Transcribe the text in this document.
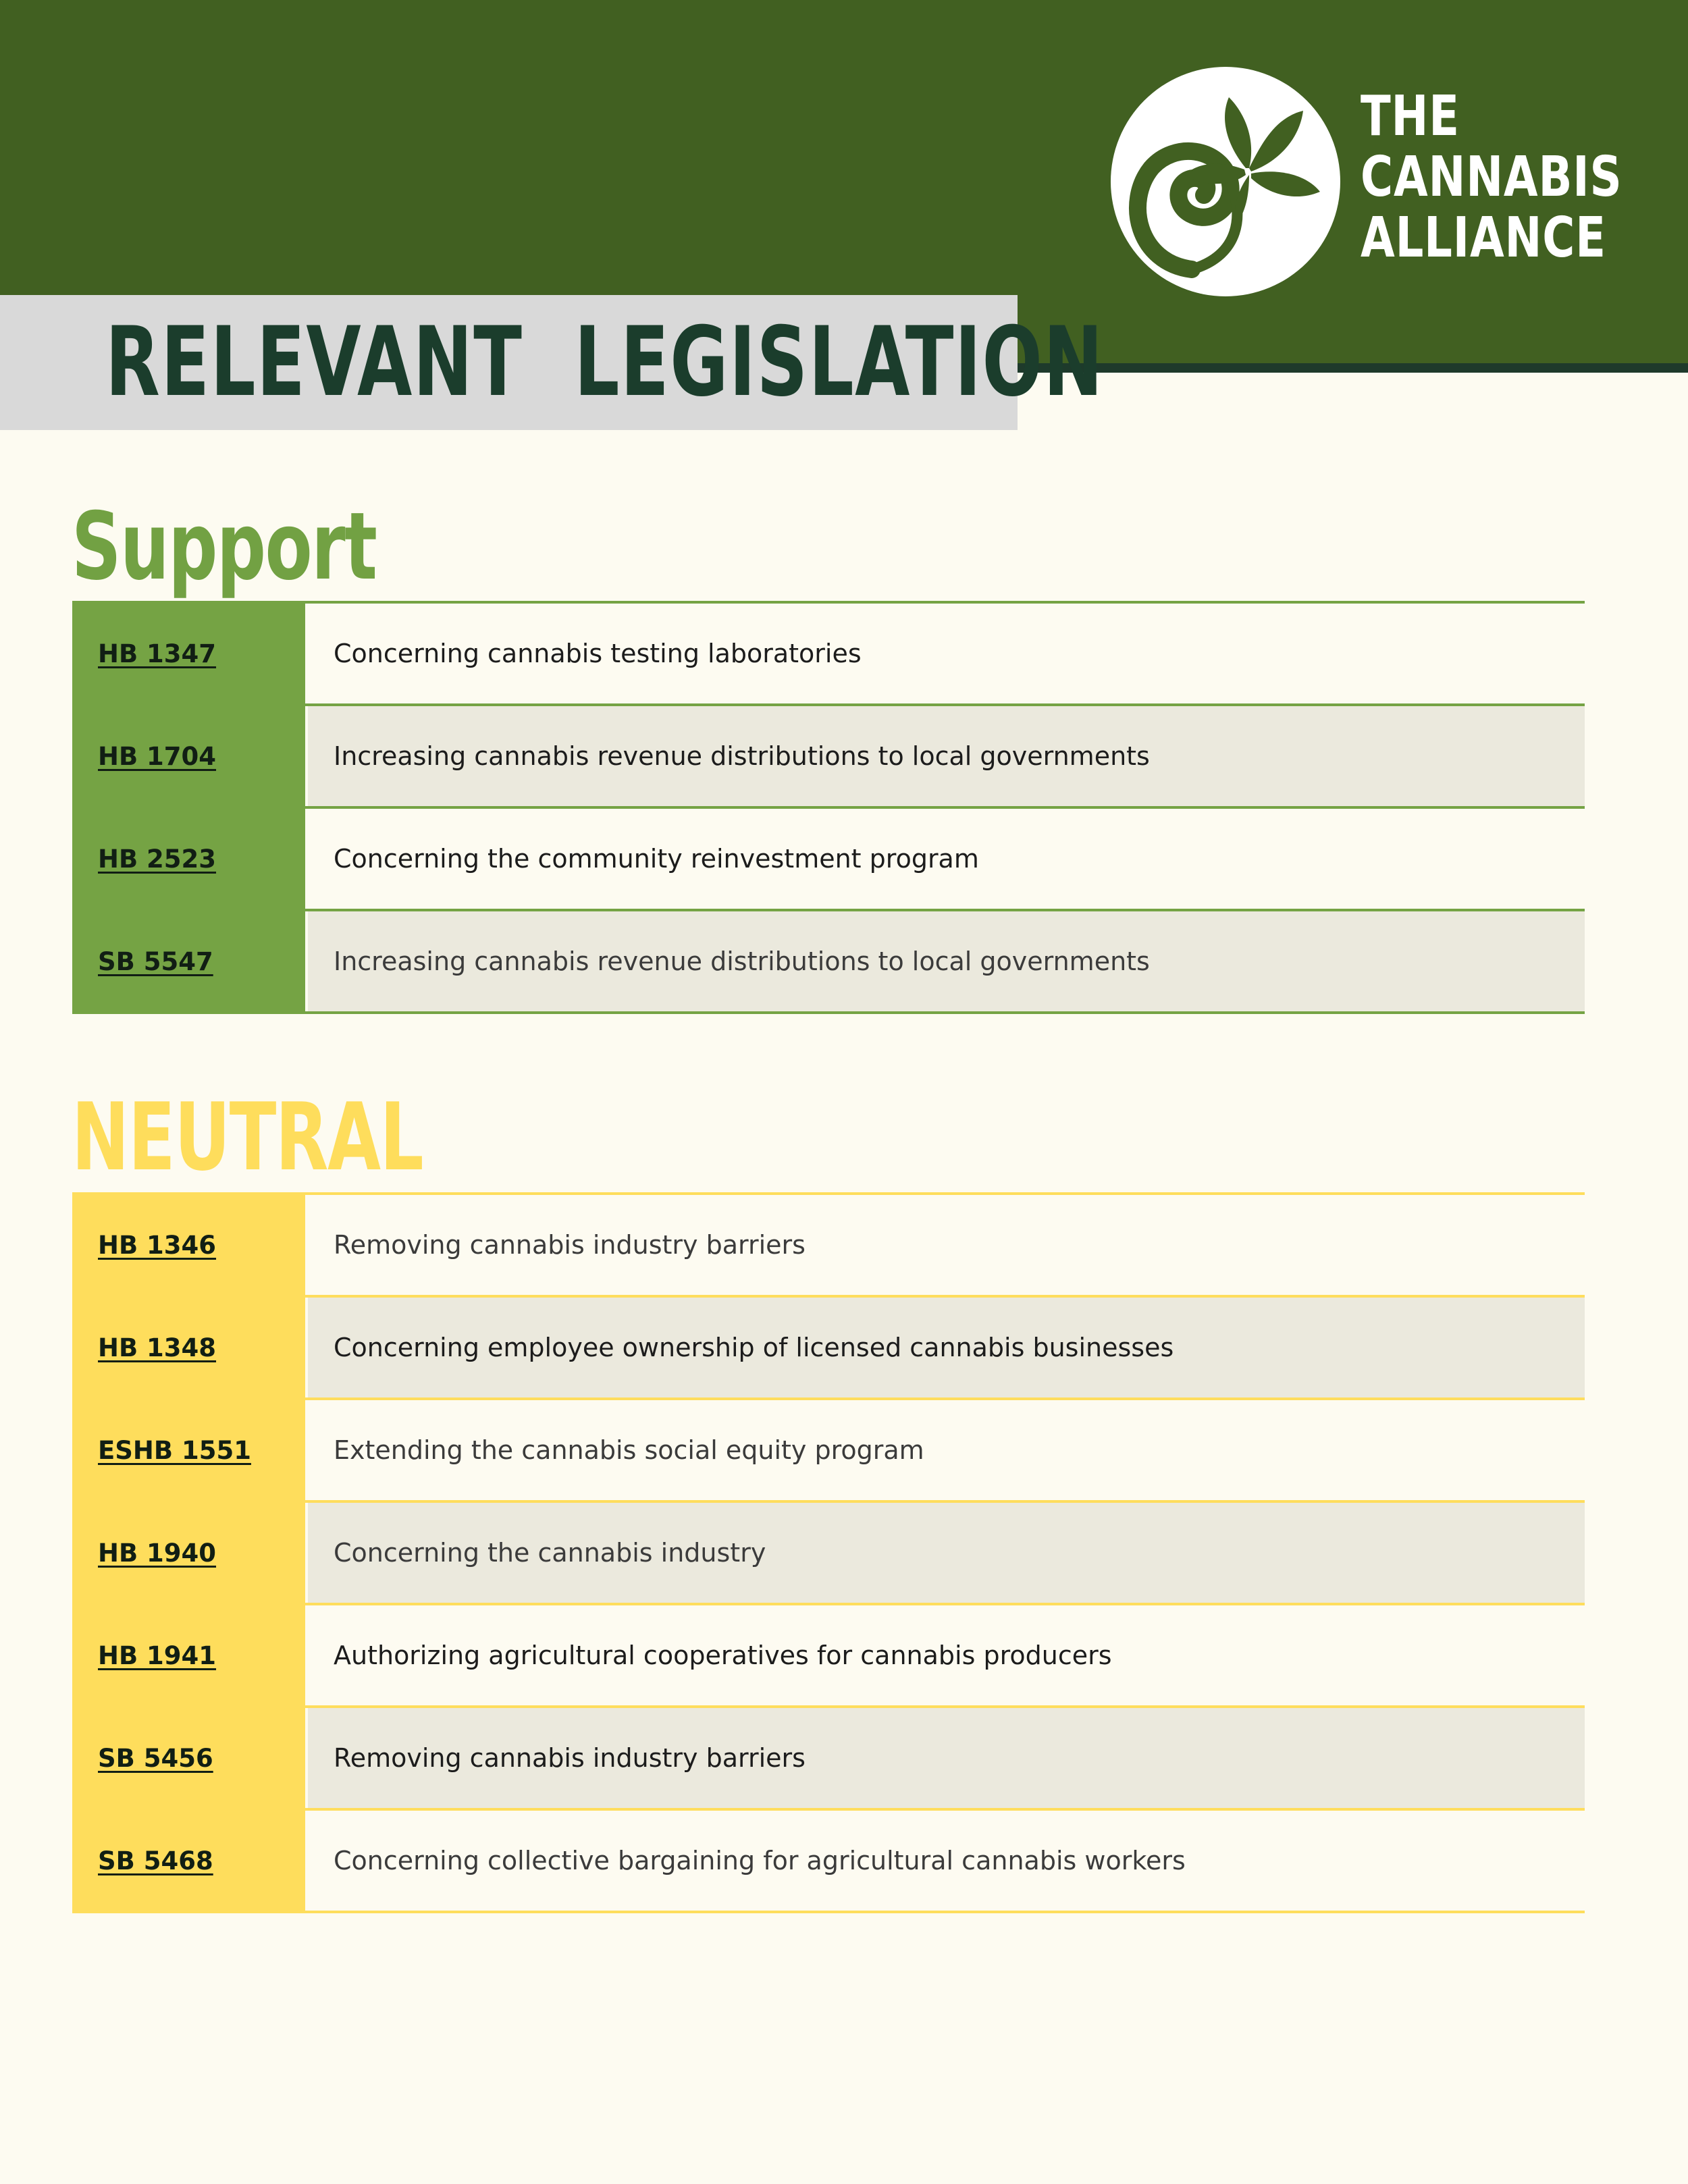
THE
CANNABIS
ALLIANCE
RELEVANT  LEGISLATION
Support
HB 1347	Concerning cannabis testing laboratories
HB 1704	Increasing cannabis revenue distributions to local governments
HB 2523	Concerning the community reinvestment program
SB 5547	Increasing cannabis revenue distributions to local governments
NEUTRAL
HB 1346	Removing cannabis industry barriers
HB 1348	Concerning employee ownership of licensed cannabis businesses
ESHB 1551	Extending the cannabis social equity program
HB 1940	Concerning the cannabis industry
HB 1941	Authorizing agricultural cooperatives for cannabis producers
SB 5456	Removing cannabis industry barriers
SB 5468	Concerning collective bargaining for agricultural cannabis workers
